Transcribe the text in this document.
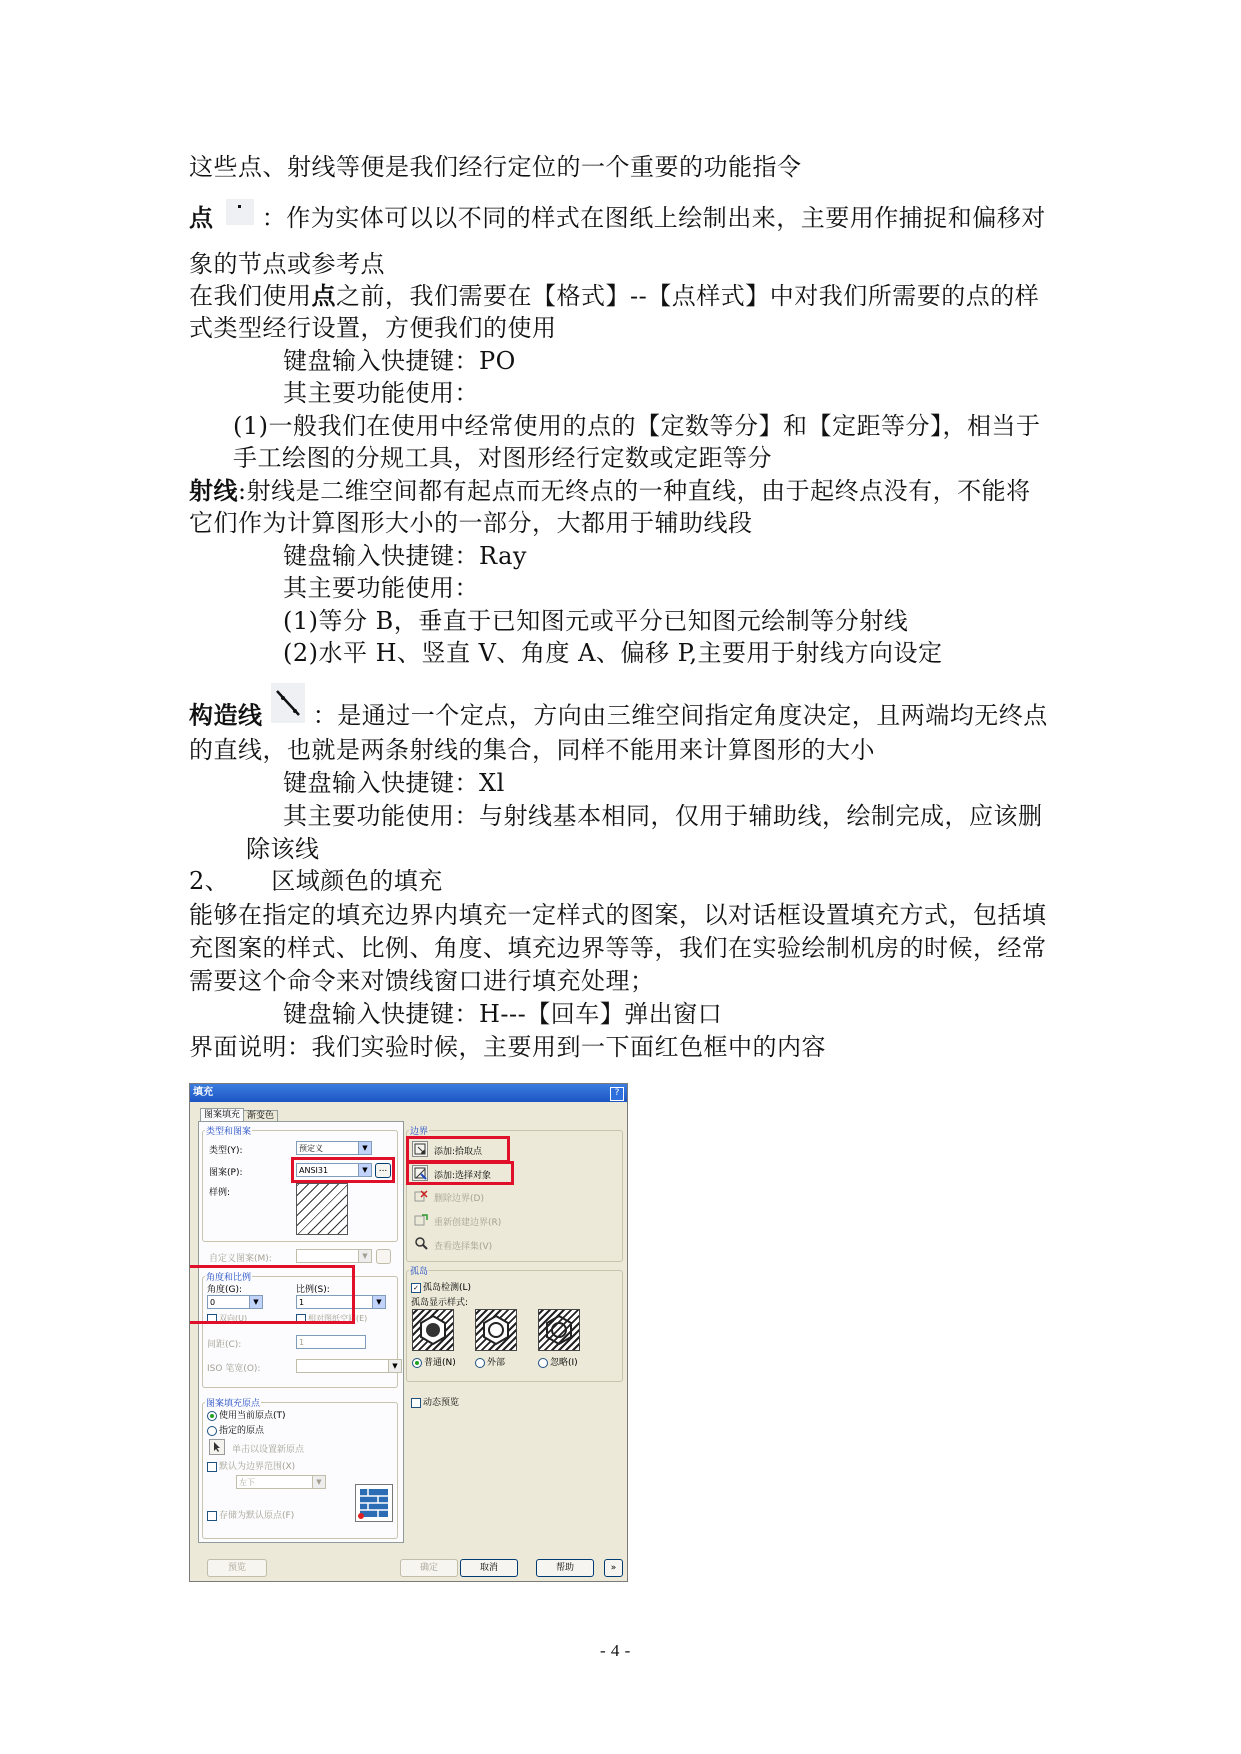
这些点、射线等便是我们经行定位的一个重要的功能指令
点 ：作为实体可以以不同的样式在图纸上绘制出来，主要用作捕捉和偏移对
象的节点或参考点
在我们使用点之前，我们需要在【格式】--【点样式】中对我们所需要的点的样
式类型经行设置，方便我们的使用
键盘输入快捷键：PO
其主要功能使用：
(1)一般我们在使用中经常使用的点的【定数等分】和【定距等分】，相当于
手工绘图的分规工具，对图形经行定数或定距等分
射线:射线是二维空间都有起点而无终点的一种直线，由于起终点没有，不能将
它们作为计算图形大小的一部分，大都用于辅助线段
键盘输入快捷键：Ray
其主要功能使用：
(1)等分 B，垂直于已知图元或平分已知图元绘制等分射线
(2)水平 H、竖直 V、角度 A、偏移 P,主要用于射线方向设定
构造线 ：是通过一个定点，方向由三维空间指定角度决定，且两端均无终点
的直线，也就是两条射线的集合，同样不能用来计算图形的大小
键盘输入快捷键：Xl
其主要功能使用：与射线基本相同，仅用于辅助线，绘制完成，应该删
除该线
2、 区域颜色的填充
能够在指定的填充边界内填充一定样式的图案，以对话框设置填充方式，包括填
充图案的样式、比例、角度、填充边界等等，我们在实验绘制机房的时候，经常
需要这个命令来对馈线窗口进行填充处理；
键盘输入快捷键：H---【回车】弹出窗口
界面说明：我们实验时候，主要用到一下面红色框中的内容
填充	?
图案填充 渐变色
类型和图案
类型(Y):	预定义	▼
图案(P):	ANSI31	▼	...
样例:
自定义图案(M):	▼
角度和比例
角度(G):
0	▼
比例(S):
1	▼
双向(U)	相对图纸空间(E)
间距(C):	1
ISO 笔宽(O):	▼
图案填充原点
使用当前原点(T)
指定的原点
单击以设置新原点
默认为边界范围(X)
左下	▼
存储为默认原点(F)
边界
添加:拾取点
添加:选择对象
删除边界(D)
重新创建边界(R)
查看选择集(V)
孤岛
✓ 孤岛检测(L)
孤岛显示样式:
普通(N)	外部	忽略(I)
动态预览
预览	确定	取消	帮助	»
- 4 -
